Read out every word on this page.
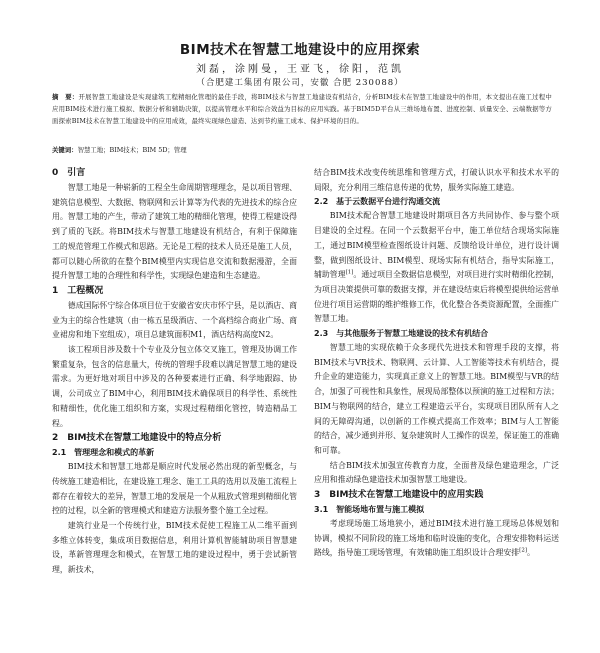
BIM技术在智慧工地建设中的应用探索
刘磊，涂刚曼，王亚飞，徐阳，范凯
（合肥建工集团有限公司，安徽 合肥 230088）
摘　要：开展智慧工地建设是实现建筑工程精细化管理的最佳手段，将BIM技术与智慧工地建设有机结合，分析BIM技术在智慧工地建设中的作用，本文提出在施工过程中应用BIM技术进行施工模拟、数据分析和辅助决策，以提高管理水平和综合效益为目标的应用实践。基于BIM5D平台从三维场地布置、进度控制、质量安全、云端数据等方面探索BIM技术在智慧工地建设中的应用成效，最终实现绿色建造、达到节约施工成本、保护环境的目的。
关键词：智慧工地；BIM技术；BIM 5D；管理
0　引言

智慧工地是一种崭新的工程全生命周期管理理念，是以项目管理、建筑信息模型、大数据、物联网和云计算等为代表的先进技术的综合应用。智慧工地的产生，带动了建筑工地的精细化管理，使得工程建设得到了质的飞跃。将BIM技术与智慧工地建设有机结合，有利于保障施工的规范管理工作模式和思路。无论是工程的技术人员还是施工人员，都可以随心所欲的在整个BIM模型内实现信息交流和数据漫游，全面提升智慧工地的合理性和科学性，实现绿色建造和生态建造。

1　工程概况

德成国际怀宁综合体项目位于安徽省安庆市怀宁县，是以酒店、商业为主的综合性建筑（由一栋五星级酒店、一个高档综合商业广场、商业裙房和地下室组成），项目总建筑面积M1，酒店结构高度N2。

该工程项目涉及数十个专业及分包立体交叉施工，管理及协调工作繁重复杂，包含的信息量大，传统的管理手段难以满足智慧工地的建设需求。为更好地对项目中涉及的各种要素进行正确、科学地跟踪、协调，公司成立了BIM中心，利用BIM技术确保项目的科学性、系统性和精细性，优化施工组织和方案，实现过程精细化管控，铸造精品工程。

2　BIM技术在智慧工地建设中的特点分析
2.1　管理理念和模式的革新

BIM技术和智慧工地都是顺应时代发展必然出现的新型概念，与传统施工建造相比，在建设施工理念、施工工具的选用以及施工流程上都存在着较大的差异，智慧工地的发展是一个从粗放式管理到精细化管控的过程，以全新的管理模式和建造方法服务整个施工全过程。

建筑行业是一个传统行业，BIM技术促使工程施工从二维平面到多维立体转变，集成项目数据信息，利用计算机智能辅助项目智慧建设，革新管理理念和模式，在智慧工地的建设过程中，勇于尝试新管理，新技术，

结合BIM技术改变传统思维和管理方式，打破认识水平和技术水平的局限，充分利用三维信息传递的优势，服务实际施工建造。

2.2　基于云数据平台进行沟通交流

BIM技术配合智慧工地建设时期项目各方共同协作、参与整个项目建设的全过程。在同一个云数据平台中，施工单位结合现场实际施工，通过BIM模型检查图纸设计问题、反馈给设计单位，进行设计调整，做到图纸设计、BIM模型、现场实际有机结合，指导实际施工，辅助管理[1]。通过项目全数据信息模型，对项目进行实时精细化控制，为项目决策提供可靠的数据支撑，并在建设结束后将模型提供给运营单位进行项目运营期的维护维修工作，优化整合各类资源配置，全面推广智慧工地。

2.3　与其他服务于智慧工地建设的技术有机结合

智慧工地的实现依赖于众多现代先进技术和管理手段的支撑，将BIM技术与VR技术、物联网、云计算、人工智能等技术有机结合，提升企业的建造能力，实现真正意义上的智慧工地。BIM模型与VR的结合，加强了可视性和具象性，展现局部整体以预演的施工过程和方法；BIM与物联网的结合，建立工程建造云平台，实现项目团队所有人之间的无障碍沟通，以创新的工作模式提高工作效率；BIM与人工智能的结合，减少通到并形、复杂建筑时人工操作的误差，保证施工的准确和可靠。

结合BIM技术加强宣传教育力度，全面普及绿色建造理念，广泛应用和推动绿色建造技术加强智慧工地建设。

3　BIM技术在智慧工地建设中的应用实践
3.1　智能场地布置与施工模拟

考虑现场施工场地狭小，通过BIM技术进行施工现场总体规划和协调，模拟不同阶段的施工场地和临时设施的变化，合理安排物料运送路线，指导施工现场管理，有效辅助施工组织设计合理安排[2]。
